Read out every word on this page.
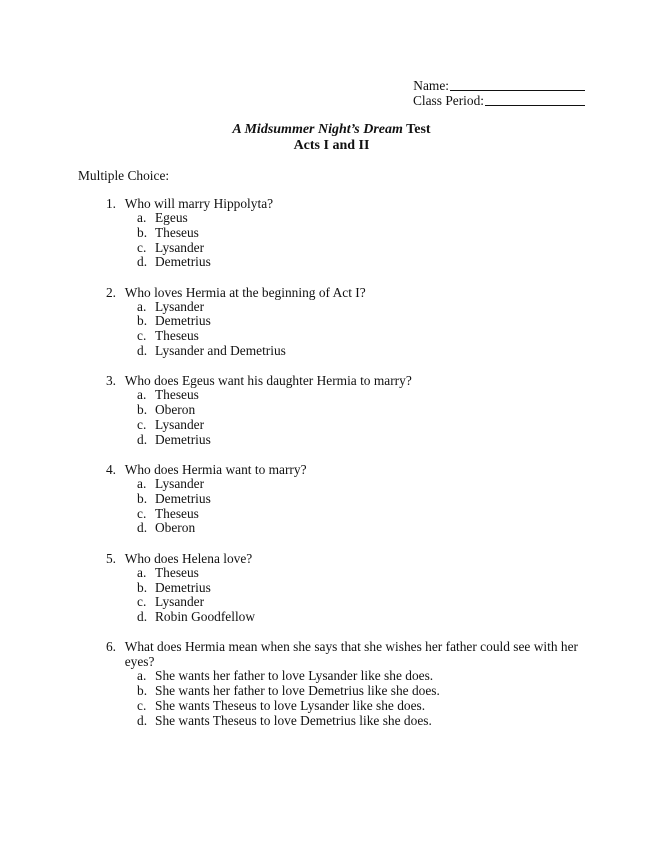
Name:
Class Period:
A Midsummer Night’s Dream Test
Acts I and II
Multiple Choice:
1.
Who will marry Hippolyta?
a. Egeus
b. Theseus
c. Lysander
d. Demetrius
2.
Who loves Hermia at the beginning of Act I?
a. Lysander
b. Demetrius
c. Theseus
d. Lysander and Demetrius
3.
Who does Egeus want his daughter Hermia to marry?
a. Theseus
b. Oberon
c. Lysander
d. Demetrius
4.
Who does Hermia want to marry?
a. Lysander
b. Demetrius
c. Theseus
d. Oberon
5.
Who does Helena love?
a. Theseus
b. Demetrius
c. Lysander
d. Robin Goodfellow
6.
What does Hermia mean when she says that she wishes her father could see with her eyes?
a. She wants her father to love Lysander like she does.
b. She wants her father to love Demetrius like she does.
c. She wants Theseus to love Lysander like she does.
d. She wants Theseus to love Demetrius like she does.
